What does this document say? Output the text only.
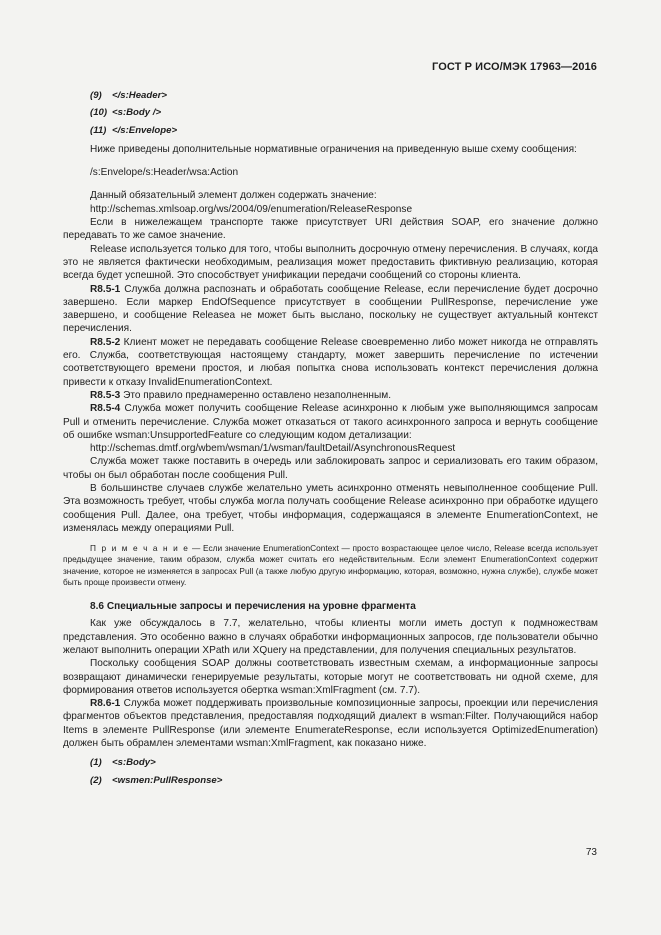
ГОСТ Р ИСО/МЭК 17963—2016
(9) </s:Header>
(10) <s:Body />
(11) </s:Envelope>

Ниже приведены дополнительные нормативные ограничения на приведенную выше схему сообщения:

/s:Envelope/s:Header/wsa:Action

Данный обязательный элемент должен содержать значение:

http://schemas.xmlsoap.org/ws/2004/09/enumeration/ReleaseResponse

Если в нижележащем транспорте также присутствует URI действия SOAP, его значение должно передавать то же самое значение.

Release используется только для того, чтобы выполнить досрочную отмену перечисления. В случаях, когда это не является фактически необходимым, реализация может предоставить фиктивную реализацию, которая всегда будет успешной. Это способствует унификации передачи сообщений со стороны клиента.

R8.5-1 Служба должна распознать и обработать сообщение Release, если перечисление будет досрочно завершено. Если маркер EndOfSequence присутствует в сообщении PullResponse, перечисление уже завершено, и сообщение Releasea не может быть выслано, поскольку не существует актуальный контекст перечисления.

R8.5-2 Клиент может не передавать сообщение Release своевременно либо может никогда не отправлять его. Служба, соответствующая настоящему стандарту, может завершить перечисление по истечении соответствующего времени простоя, и любая попытка снова использовать контекст перечисления должна привести к отказу InvalidEnumerationContext.

R8.5-3 Это правило преднамеренно оставлено незаполненным.

R8.5-4 Служба может получить сообщение Release асинхронно к любым уже выполняющимся запросам Pull и отменить перечисление. Служба может отказаться от такого асинхронного запроса и вернуть сообщение об ошибке wsman:UnsupportedFeature со следующим кодом детализации:

http://schemas.dmtf.org/wbem/wsman/1/wsman/faultDetail/AsynchronousRequest

Служба может также поставить в очередь или заблокировать запрос и сериализовать его таким образом, чтобы он был обработан после сообщения Pull.

В большинстве случаев службе желательно уметь асинхронно отменять невыполненное сообщение Pull. Эта возможность требует, чтобы служба могла получать сообщение Release асинхронно при обработке идущего сообщения Pull. Далее, она требует, чтобы информация, содержащаяся в элементе EnumerationContext, не изменялась между операциями Pull.

П р и м е ч а н и е — Если значение EnumerationContext — просто возрастающее целое число, Release всегда использует предыдущее значение, таким образом, служба может считать его недействительным. Если элемент EnumerationContext содержит значение, которое не изменяется в запросах Pull (а также любую другую информацию, которая, возможно, нужна службе), службе может быть проще произвести отмену.

8.6 Специальные запросы и перечисления на уровне фрагмента

Как уже обсуждалось в 7.7, желательно, чтобы клиенты могли иметь доступ к подмножествам представления. Это особенно важно в случаях обработки информационных запросов, где пользователи обычно желают выполнить операции XPath или XQuery на представлении, для получения специальных результатов.

Поскольку сообщения SOAP должны соответствовать известным схемам, а информационные запросы возвращают динамически генерируемые результаты, которые могут не соответствовать ни одной схеме, для формирования ответов используется обертка wsman:XmlFragment (см. 7.7).

R8.6-1 Служба может поддерживать произвольные композиционные запросы, проекции или перечисления фрагментов объектов представления, предоставляя подходящий диалект в wsman:Filter. Получающийся набор Items в элементе PullResponse (или элементе EnumerateResponse, если используется OptimizedEnumeration) должен быть обрамлен элементами wsman:XmlFragment, как показано ниже.

(1) <s:Body>
(2) <wsmen:PullResponse>
73
